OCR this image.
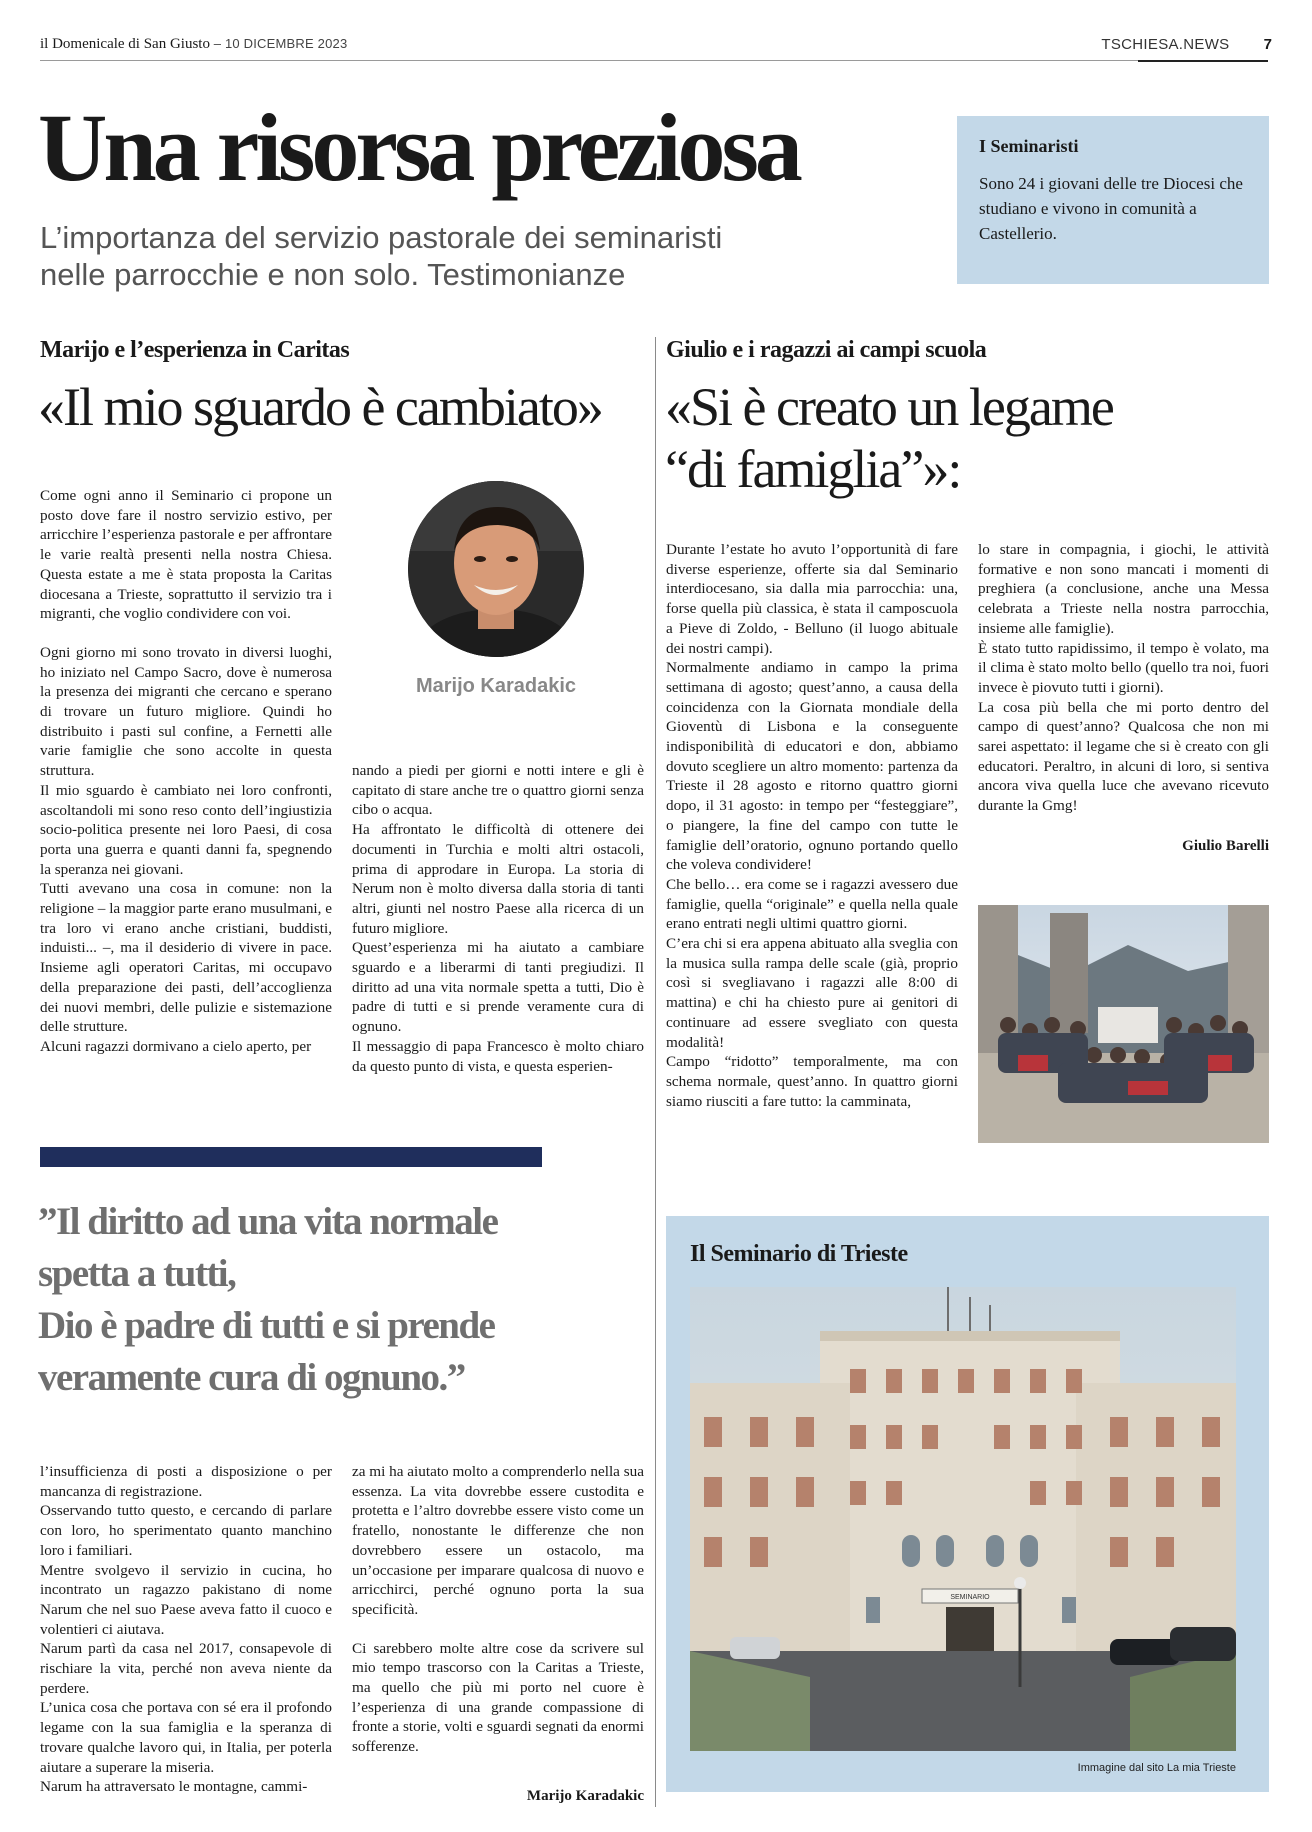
il Domenicale di San Giusto – 10 DICEMBRE 2023	TSCHIESA.NEWS 7
Una risorsa preziosa
L’importanza del servizio pastorale dei seminaristi
nelle parrocchie e non solo. Testimonianze
I Seminaristi
Sono 24 i giovani delle tre Diocesi che studiano e vivono in comunità a Castellerio.
Marijo e l’esperienza in Caritas
«Il mio sguardo è cambiato»

Come ogni anno il Seminario ci propone un posto dove fare il nostro servizio estivo, per arricchire l’esperienza pastorale e per affrontare le varie realtà presenti nella nostra Chiesa. Questa estate a me è stata proposta la Caritas diocesana a Trieste, soprattutto il servizio tra i migranti, che voglio condividere con voi.

Ogni giorno mi sono trovato in diversi luoghi, ho iniziato nel Campo Sacro, dove è numerosa la presenza dei migranti che cercano e sperano di trovare un futuro migliore. Quindi ho distribuito i pasti sul confine, a Fernetti alle varie famiglie che sono accolte in questa struttura.

Il mio sguardo è cambiato nei loro confronti, ascoltandoli mi sono reso conto dell’ingiustizia socio-politica presente nei loro Paesi, di cosa porta una guerra e quanti danni fa, spegnendo la speranza nei giovani.

Tutti avevano una cosa in comune: non la religione – la maggior parte erano musulmani, e tra loro vi erano anche cristiani, buddisti, induisti... –, ma il desiderio di vivere in pace. Insieme agli operatori Caritas, mi occupavo della preparazione dei pasti, dell’accoglienza dei nuovi membri, delle pulizie e sistemazione delle strutture.

Alcuni ragazzi dormivano a cielo aperto, per

Marijo Karadakic

nando a piedi per giorni e notti intere e gli è capitato di stare anche tre o quattro giorni senza cibo o acqua.

Ha affrontato le difficoltà di ottenere dei documenti in Turchia e molti altri ostacoli, prima di approdare in Europa. La storia di Nerum non è molto diversa dalla storia di tanti altri, giunti nel nostro Paese alla ricerca di un futuro migliore.

Quest’esperienza mi ha aiutato a cambiare sguardo e a liberarmi di tanti pregiudizi. Il diritto ad una vita normale spetta a tutti, Dio è padre di tutti e si prende veramente cura di ognuno.

Il messaggio di papa Francesco è molto chiaro da questo punto di vista, e questa esperien-

”Il diritto ad una vita normale
spetta a tutti,
Dio è padre di tutti e si prende
veramente cura di ognuno.”

l’insufficienza di posti a disposizione o per mancanza di registrazione.

Osservando tutto questo, e cercando di parlare con loro, ho sperimentato quanto manchino loro i familiari.

Mentre svolgevo il servizio in cucina, ho incontrato un ragazzo pakistano di nome Narum che nel suo Paese aveva fatto il cuoco e volentieri ci aiutava.

Narum partì da casa nel 2017, consapevole di rischiare la vita, perché non aveva niente da perdere.

L’unica cosa che portava con sé era il profondo legame con la sua famiglia e la speranza di trovare qualche lavoro qui, in Italia, per poterla aiutare a superare la miseria.

Narum ha attraversato le montagne, cammi-

za mi ha aiutato molto a comprenderlo nella sua essenza. La vita dovrebbe essere custodita e protetta e l’altro dovrebbe essere visto come un fratello, nonostante le differenze che non dovrebbero essere un ostacolo, ma un’occasione per imparare qualcosa di nuovo e arricchirci, perché ognuno porta la sua specificità.

Ci sarebbero molte altre cose da scrivere sul mio tempo trascorso con la Caritas a Trieste, ma quello che più mi porto nel cuore è l’esperienza di una grande compassione di fronte a storie, volti e sguardi segnati da enormi sofferenze.

Marijo Karadakic
Giulio e i ragazzi ai campi scuola
«Si è creato un legame
“di famiglia”»:

Durante l’estate ho avuto l’opportunità di fare diverse esperienze, offerte sia dal Seminario interdiocesano, sia dalla mia parrocchia: una, forse quella più classica, è stata il camposcuola a Pieve di Zoldo, - Belluno (il luogo abituale dei nostri campi).

Normalmente andiamo in campo la prima settimana di agosto; quest’anno, a causa della coincidenza con la Giornata mondiale della Gioventù di Lisbona e la conseguente indisponibilità di educatori e don, abbiamo dovuto scegliere un altro momento: partenza da Trieste il 28 agosto e ritorno quattro giorni dopo, il 31 agosto: in tempo per “festeggiare”, o piangere, la fine del campo con tutte le famiglie dell’oratorio, ognuno portando quello che voleva condividere!

Che bello… era come se i ragazzi avessero due famiglie, quella “originale” e quella nella quale erano entrati negli ultimi quattro giorni.

C’era chi si era appena abituato alla sveglia con la musica sulla rampa delle scale (già, proprio così si svegliavano i ragazzi alle 8:00 di mattina) e chi ha chiesto pure ai genitori di continuare ad essere svegliato con questa modalità!

Campo “ridotto” temporalmente, ma con schema normale, quest’anno. In quattro giorni siamo riusciti a fare tutto: la camminata,

lo stare in compagnia, i giochi, le attività formative e non sono mancati i momenti di preghiera (a conclusione, anche una Messa celebrata a Trieste nella nostra parrocchia, insieme alle famiglie).

È stato tutto rapidissimo, il tempo è volato, ma il clima è stato molto bello (quello tra noi, fuori invece è piovuto tutti i giorni).

La cosa più bella che mi porto dentro del campo di quest’anno? Qualcosa che non mi sarei aspettato: il legame che si è creato con gli educatori. Peraltro, in alcuni di loro, si sentiva ancora viva quella luce che avevano ricevuto durante la Gmg!

Giulio Barelli
Il Seminario di Trieste
SEMINARIO
Immagine dal sito La mia Trieste
